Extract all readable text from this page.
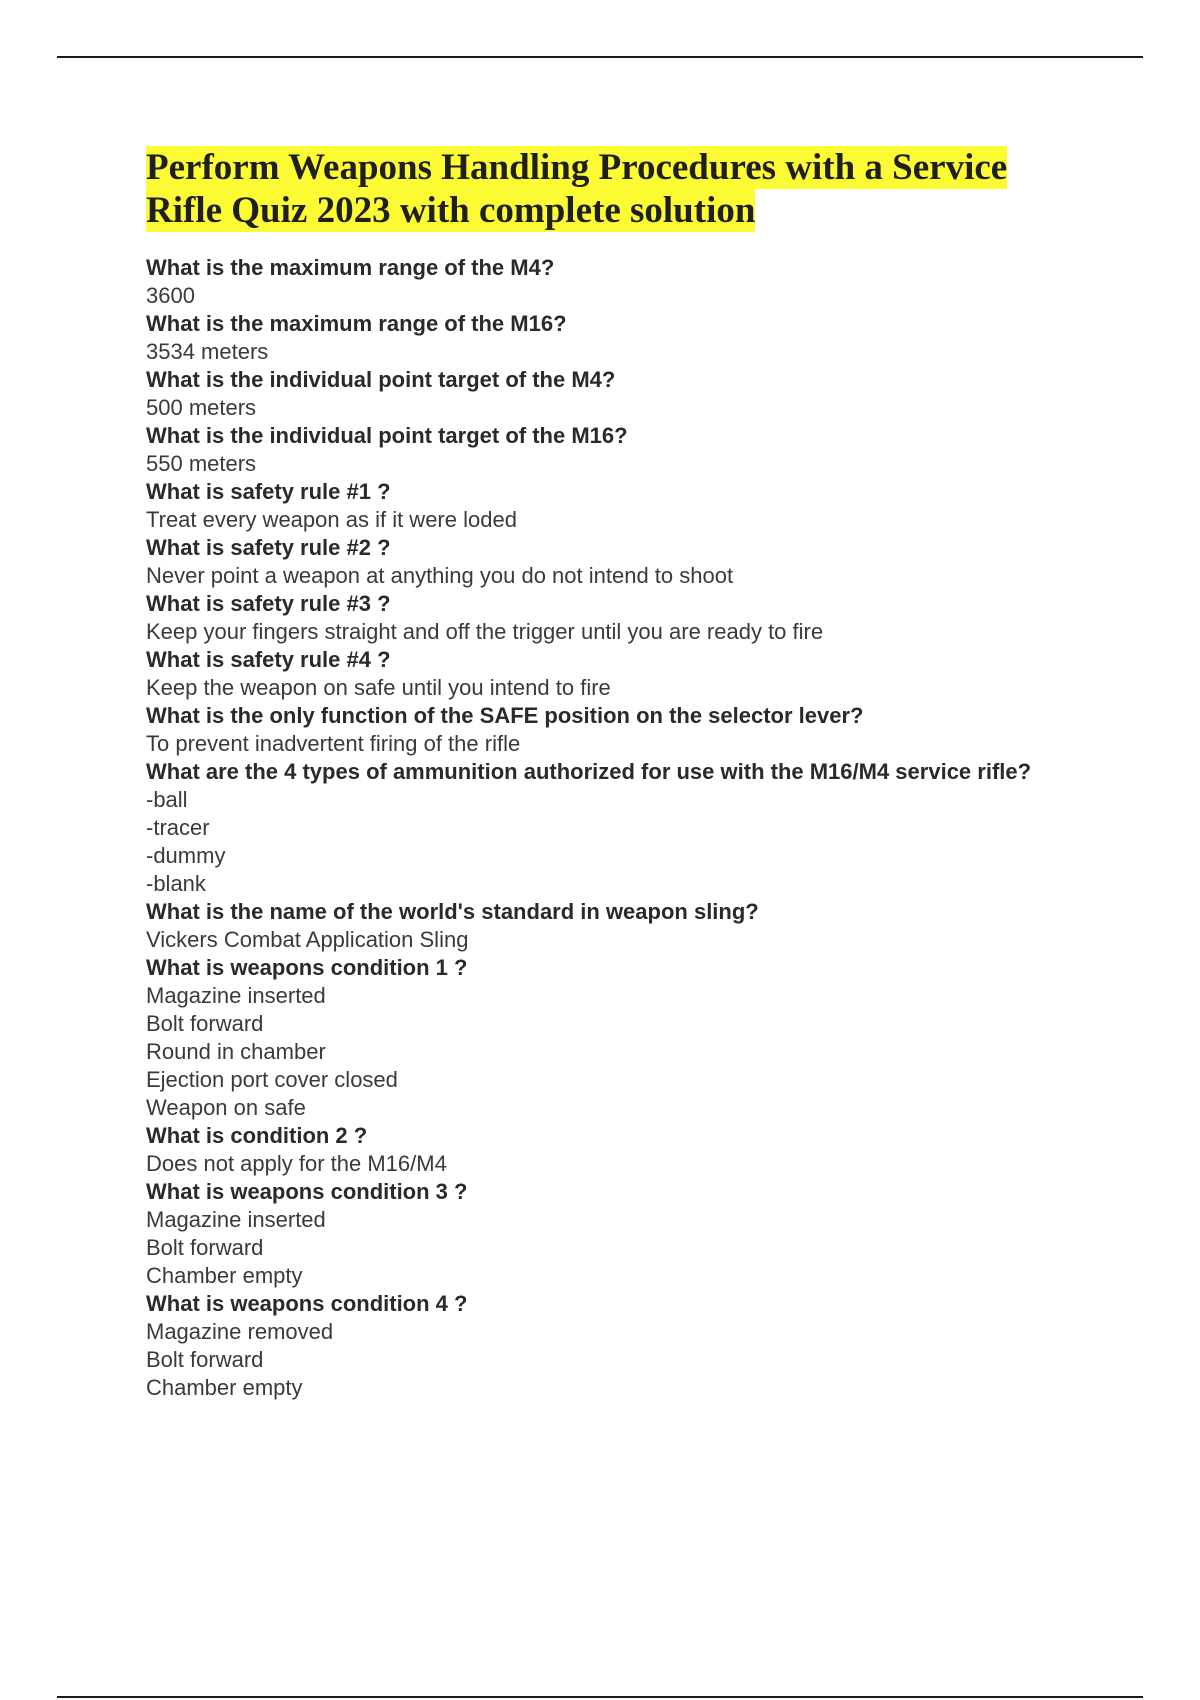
Perform Weapons Handling Procedures with a Service Rifle Quiz 2023 with complete solution

What is the maximum range of the M4?

3600

What is the maximum range of the M16?

3534 meters

What is the individual point target of the M4?

500 meters

What is the individual point target of the M16?

550 meters

What is safety rule #1 ?

Treat every weapon as if it were loded

What is safety rule #2 ?

Never point a weapon at anything you do not intend to shoot

What is safety rule #3 ?

Keep your fingers straight and off the trigger until you are ready to fire

What is safety rule #4 ?

Keep the weapon on safe until you intend to fire

What is the only function of the SAFE position on the selector lever?

To prevent inadvertent firing of the rifle

What are the 4 types of ammunition authorized for use with the M16/M4 service rifle?

-ball

-tracer

-dummy

-blank

What is the name of the world's standard in weapon sling?

Vickers Combat Application Sling

What is weapons condition 1 ?

Magazine inserted

Bolt forward

Round in chamber

Ejection port cover closed

Weapon on safe

What is condition 2 ?

Does not apply for the M16/M4

What is weapons condition 3 ?

Magazine inserted

Bolt forward

Chamber empty

What is weapons condition 4 ?

Magazine removed

Bolt forward

Chamber empty
